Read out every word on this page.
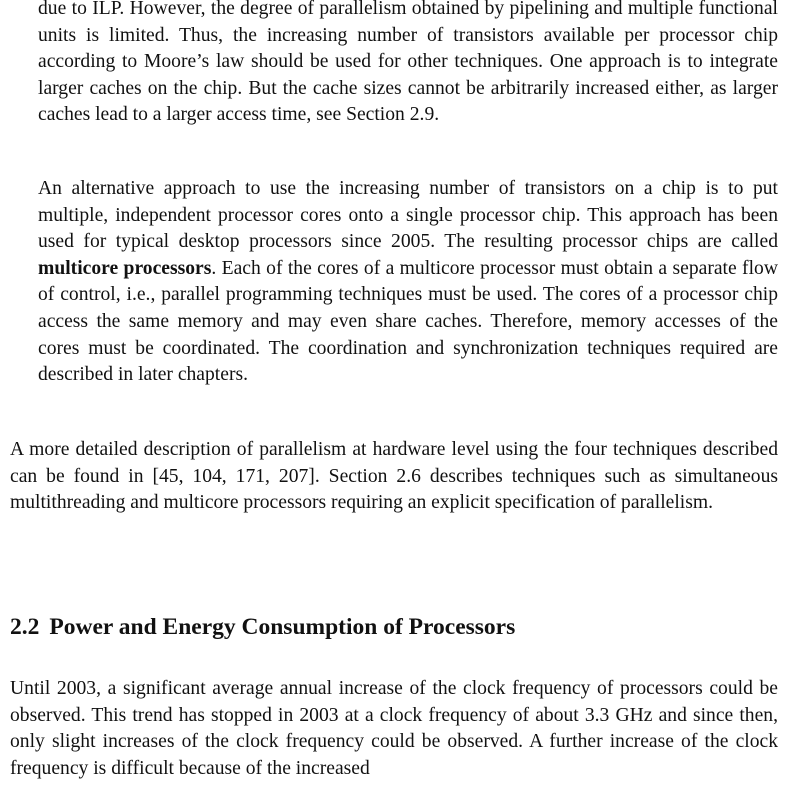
due to ILP. However, the degree of parallelism obtained by pipelining and multiple functional units is limited. Thus, the increasing number of transistors available per processor chip according to Moore’s law should be used for other techniques. One approach is to integrate larger caches on the chip. But the cache sizes cannot be arbitrarily increased either, as larger caches lead to a larger access time, see Section 2.9.

An alternative approach to use the increasing number of transistors on a chip is to put multiple, independent processor cores onto a single processor chip. This approach has been used for typical desktop processors since 2005. The resulting processor chips are called multicore processors. Each of the cores of a multicore processor must obtain a separate flow of control, i.e., parallel programming techniques must be used. The cores of a processor chip access the same memory and may even share caches. Therefore, memory accesses of the cores must be coordinated. The coordination and synchronization techniques required are described in later chapters.

A more detailed description of parallelism at hardware level using the four techniques described can be found in [45, 104, 171, 207]. Section 2.6 describes techniques such as simultaneous multithreading and multicore processors requiring an explicit specification of parallelism.

2.2 Power and Energy Consumption of Processors

Until 2003, a significant average annual increase of the clock frequency of processors could be observed. This trend has stopped in 2003 at a clock frequency of about 3.3 GHz and since then, only slight increases of the clock frequency could be observed. A further increase of the clock frequency is difficult because of the increased
